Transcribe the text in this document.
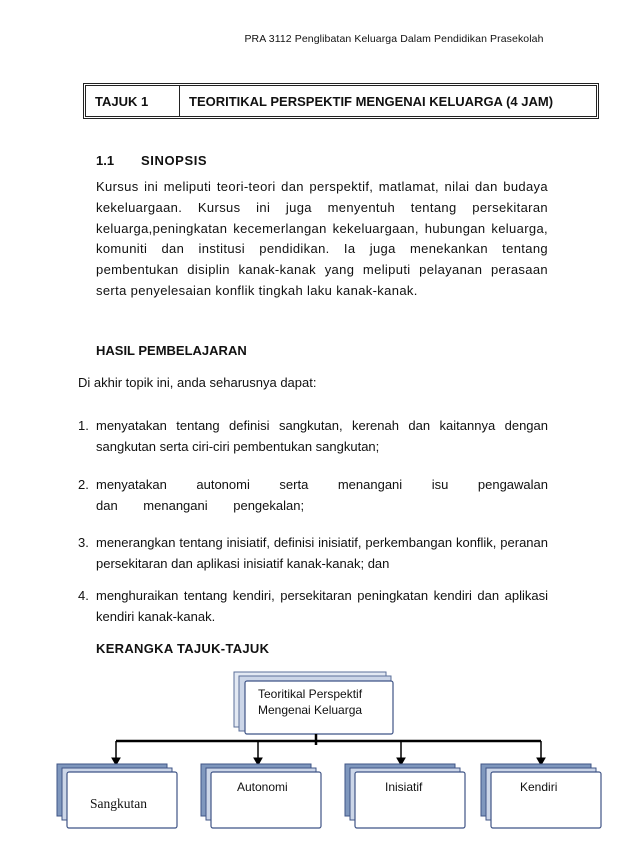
PRA 3112 Penglibatan Keluarga Dalam Pendidikan Prasekolah
TAJUK 1	TEORITIKAL PERSPEKTIF MENGENAI KELUARGA (4 JAM)
1.1 SINOPSIS
Kursus ini meliputi teori-teori dan perspektif, matlamat, nilai dan budaya kekeluargaan. Kursus ini juga menyentuh tentang persekitaran keluarga,peningkatan kecemerlangan kekeluargaan, hubungan keluarga, komuniti dan institusi pendidikan. Ia juga menekankan tentang pembentukan disiplin kanak-kanak yang meliputi pelayanan perasaan serta penyelesaian konflik tingkah laku kanak-kanak.
HASIL PEMBELAJARAN
Di akhir topik ini, anda seharusnya dapat:
1. menyatakan tentang definisi sangkutan, kerenah dan kaitannya dengan sangkutan serta ciri-ciri pembentukan sangkutan;
2. menyatakan autonomi serta menangani isu pengawalan dan menangani pengekalan;
3. menerangkan tentang inisiatif, definisi inisiatif, perkembangan konflik, peranan persekitaran dan aplikasi inisiatif kanak-kanak; dan
4. menghuraikan tentang kendiri, persekitaran peningkatan kendiri dan aplikasi kendiri kanak-kanak.
KERANGKA TAJUK-TAJUK
Teoritikal Perspektif
Mengenai Keluarga
Sangkutan
Autonomi	Inisiatif	Kendiri
